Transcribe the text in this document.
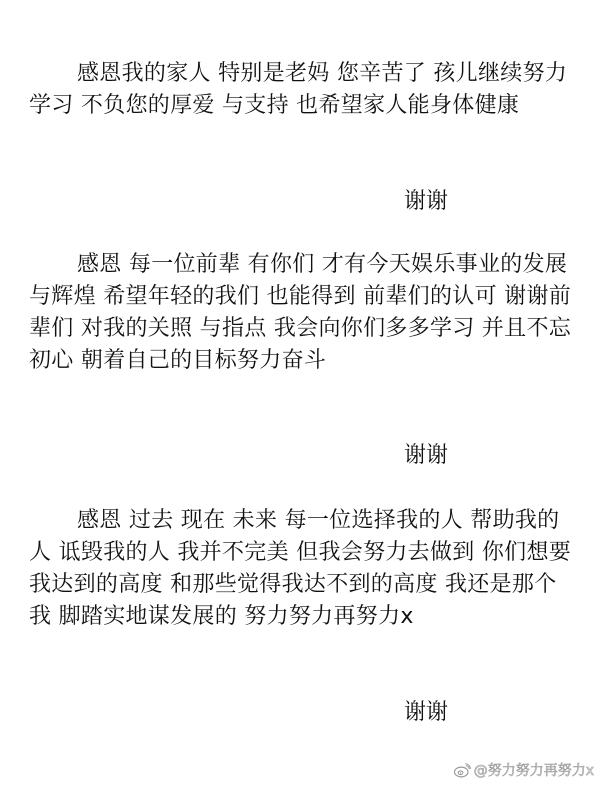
感恩我的家人 特别是老妈 您辛苦了 孩儿继续努力学习 不负您的厚爱 与支持 也希望家人能身体健康

谢谢

感恩 每一位前辈 有你们 才有今天娱乐事业的发展与辉煌 希望年轻的我们 也能得到 前辈们的认可 谢谢前辈们 对我的关照 与指点 我会向你们多多学习 并且不忘初心 朝着自己的目标努力奋斗

谢谢

感恩 过去 现在 未来 每一位选择我的人 帮助我的人 诋毁我的人 我并不完美 但我会努力去做到 你们想要我达到的高度 和那些觉得我达不到的高度 我还是那个我 脚踏实地谋发展的 努力努力再努力x

谢谢

@努力努力再努力x
